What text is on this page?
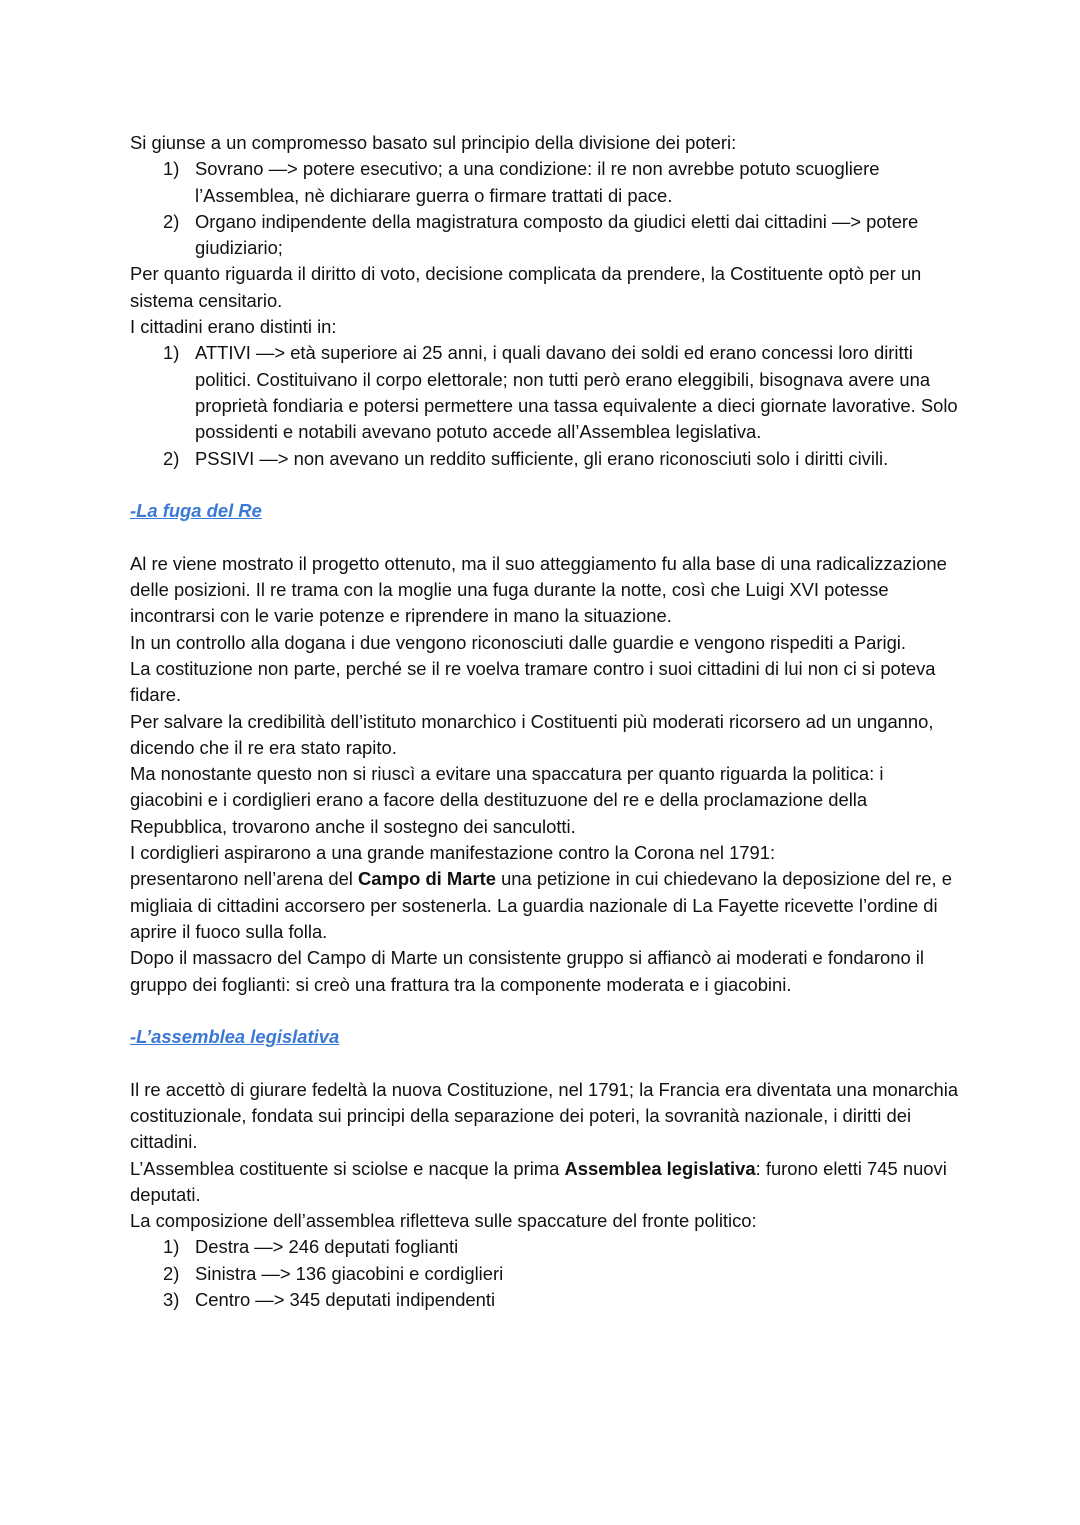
Si giunse a un compromesso basato sul principio della divisione dei poteri:

1) Sovrano —> potere esecutivo; a una condizione: il re non avrebbe potuto scuogliere l’Assemblea, nè dichiarare guerra o firmare trattati di pace.
2) Organo indipendente della magistratura composto da giudici eletti dai cittadini —> potere giudiziario;

Per quanto riguarda il diritto di voto, decisione complicata da prendere, la Costituente optò per un sistema censitario.

I cittadini erano distinti in:

1) ATTIVI —> età superiore ai 25 anni, i quali davano dei soldi ed erano concessi loro diritti politici. Costituivano il corpo elettorale; non tutti però erano eleggibili, bisognava avere una proprietà fondiaria e potersi permettere una tassa equivalente a dieci giornate lavorative. Solo possidenti e notabili avevano potuto accede all’Assemblea legislativa.
2) PSSIVI —> non avevano un reddito sufficiente, gli erano riconosciuti solo i diritti civili.

-La fuga del Re

Al re viene mostrato il progetto ottenuto, ma il suo atteggiamento fu alla base di una radicalizzazione delle posizioni. Il re trama con la moglie una fuga durante la notte, così che Luigi XVI potesse incontrarsi con le varie potenze e riprendere in mano la situazione.

In un controllo alla dogana i due vengono riconosciuti dalle guardie e vengono rispediti a Parigi.

La costituzione non parte, perché se il re voelva tramare contro i suoi cittadini di lui non ci si poteva fidare.

Per salvare la credibilità dell’istituto monarchico i Costituenti più moderati ricorsero ad un unganno, dicendo che il re era stato rapito.

Ma nonostante questo non si riuscì a evitare una spaccatura per quanto riguarda la politica: i giacobini e i cordiglieri erano a facore della destituzuone del re e della proclamazione della Repubblica, trovarono anche il sostegno dei sanculotti.

I cordiglieri aspirarono a una grande manifestazione contro la Corona nel 1791:

presentarono nell’arena del Campo di Marte una petizione in cui chiedevano la deposizione del re, e migliaia di cittadini accorsero per sostenerla. La guardia nazionale di La Fayette ricevette l’ordine di aprire il fuoco sulla folla.

Dopo il massacro del Campo di Marte un consistente gruppo si affiancò ai moderati e fondarono il gruppo dei foglianti: si creò una frattura tra la componente moderata e i giacobini.

-L’assemblea legislativa

Il re accettò di giurare fedeltà la nuova Costituzione, nel 1791; la Francia era diventata una monarchia costituzionale, fondata sui principi della separazione dei poteri, la sovranità nazionale, i diritti dei cittadini.

L’Assemblea costituente si sciolse e nacque la prima Assemblea legislativa: furono eletti 745 nuovi deputati.

La composizione dell’assemblea rifletteva sulle spaccature del fronte politico:

1) Destra —> 246 deputati foglianti
2) Sinistra —> 136 giacobini e cordiglieri
3) Centro —> 345 deputati indipendenti
